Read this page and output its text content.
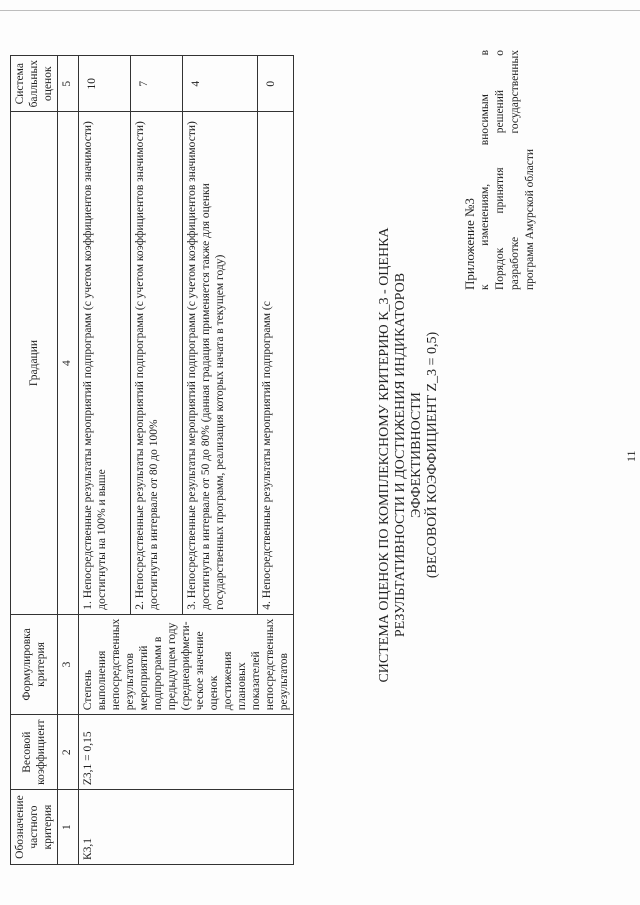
11
Приложение №3 к изменениям, вносимым в Порядок принятия решений о разработке государственных программ Амурской области
СИСТЕМА ОЦЕНОК ПО КОМПЛЕКСНОМУ КРИТЕРИЮ К_3 - ОЦЕНКА РЕЗУЛЬТАТИВНОСТИ И ДОСТИЖЕНИЯ ИНДИКАТОРОВ ЭФФЕКТИВНОСТИ (ВЕСОВОЙ КОЭФФИЦИЕНТ Z_3 = 0,5)
Обозначение частного критерия	Весовой коэффициент	Формулировка критерия	Градации	Система балльных оценок
1	2	3	4	5
К3,1	Z3,1 = 0,15	Степень выполнения непосредственных результатов мероприятий подпрограмм в предыдущем году (среднеарифмети-ческое значение оценок достижения плановых показателей непосредственных результатов	1. Непосредственные результаты мероприятий подпрограмм (с учетом коэффициентов значимости) достигнуты на 100% и выше	10
			2. Непосредственные результаты мероприятий подпрограмм (с учетом коэффициентов значимости) достигнуты в интервале от 80 до 100%	7
			3. Непосредственные результаты мероприятий подпрограмм (с учетом коэффициентов значимости) достигнуты в интервале от 50 до 80% (данная градация применяется также для оценки государственных программ, реализация которых начата в текущем году)	4
			4. Непосредственные результаты мероприятий подпрограмм (с	0
